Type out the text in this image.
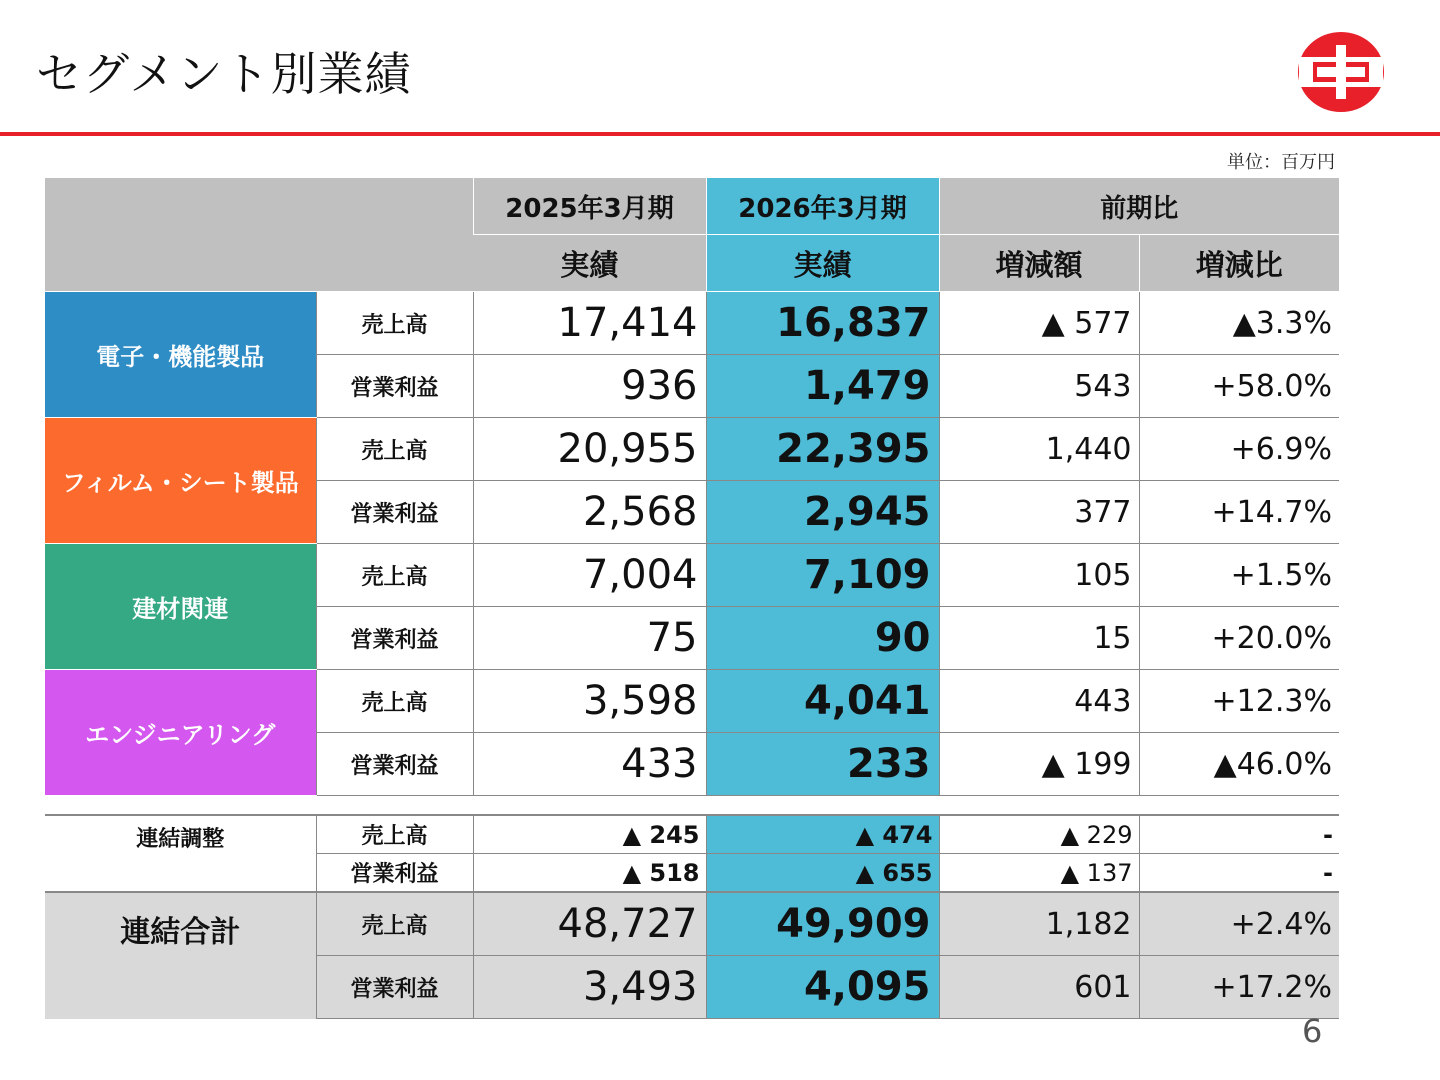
セグメント別業績
単位：百万円
		2025年3月期	2026年3月期	前期比	
		実績	実績	増減額	増減比
電子・機能製品	売上高	17,414	16,837	▲ 577	▲3.3%
	営業利益	936	1,479	543	+58.0%
フィルム・シート製品	売上高	20,955	22,395	1,440	+6.9%
	営業利益	2,568	2,945	377	+14.7%
建材関連	売上高	7,004	7,109	105	+1.5%
	営業利益	75	90	15	+20.0%
エンジニアリング	売上高	3,598	4,041	443	+12.3%
	営業利益	433	233	▲ 199	▲46.0%

連結調整	売上高	▲ 245	▲ 474	▲ 229	-
	営業利益	▲ 518	▲ 655	▲ 137	-
連結合計	売上高	48,727	49,909	1,182	+2.4%
	営業利益	3,493	4,095	601	+17.2%
6
